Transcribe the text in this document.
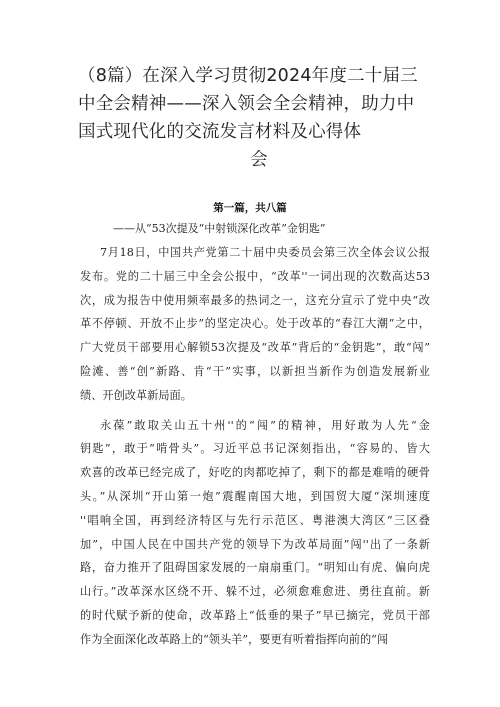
（8篇）在深入学习贯彻2024年度二十届三
中全会精神——深入领会全会精神，助力中
国式现代化的交流发言材料及心得体
会
第一篇，共八篇
——从“53次提及“中射锁深化改革”金钥匙”
7月18日，中国共产党第二十届中央委员会第三次全体会议公报
发布。党的二十届三中全会公报中，“改革''一词出现的次数高达53
次，成为报告中使用频率最多的热词之一，这充分宣示了党中央“改
革不停顿、开放不止步”的坚定决心。处于改革的“春江大潮”之中，
广大党员干部要用心解锁53次提及“改革”背后的“金钥匙”，敢“闯”
险滩、善“创”新路、肯“干”实事，以新担当新作为创造发展新业
绩、开创改革新局面。
永葆”敢取关山五十州''的“闯”的精神，用好敢为人先“金
钥匙”，敢于“啃骨头”。习近平总书记深刻指出，“容易的、皆大
欢喜的改革已经完成了，好吃的肉都吃掉了，剩下的都是难啃的硬骨
头。”从深圳“开山第一炮”震醒南国大地，到国贸大厦“深圳速度
''唱响全国，再到经济特区与先行示范区、粤港澳大湾区“三区叠
加”，中国人民在中国共产党的领导下为改革局面”闯''出了一条新
路，奋力推开了阻碍国家发展的一扇扇重门。“明知山有虎、偏向虎
山行。”改革深水区绕不开、躲不过，必须愈难愈进、勇往直前。新
的时代赋予新的使命，改革路上“低垂的果子”早已摘完，党员干部
作为全面深化改革路上的“领头羊”，要更有听着指挥向前的“闯
